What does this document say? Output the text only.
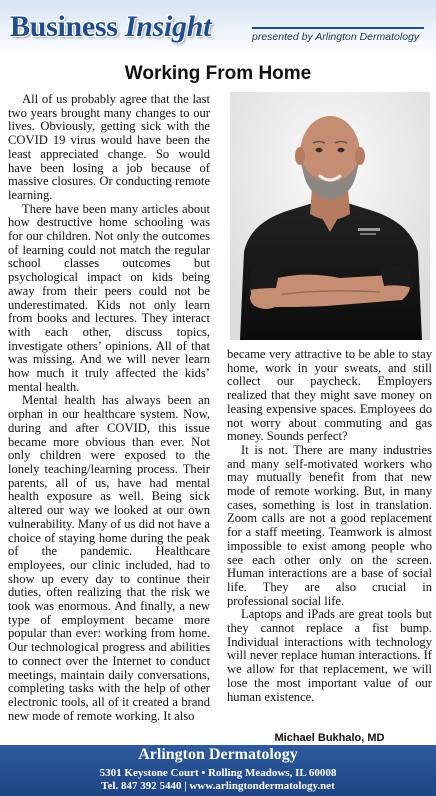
Business Insight	presented by Arlington Dermatology
Working From Home

All of us probably agree that the last two years brought many changes to our lives. Obviously, getting sick with the COVID 19 virus would have been the least appreciated change. So would have been losing a job because of massive closures. Or conducting remote learning.

There have been many articles about how destructive home schooling was for our children. Not only the outcomes of learning could not match the regular school classes outcomes but psychological impact on kids being away from their peers could not be underestimated. Kids not only learn from books and lectures. They interact with each other, discuss topics, investigate others’ opinions. All of that was missing. And we will never learn how much it truly affected the kids’ mental health.

Mental health has always been an orphan in our healthcare system. Now, during and after COVID, this issue became more obvious than ever. Not only children were exposed to the lonely teaching/learning process. Their parents, all of us, have had mental health exposure as well. Being sick altered our way we looked at our own vulnerability. Many of us did not have a choice of staying home during the peak of the pandemic. Healthcare employees, our clinic included, had to show up every day to continue their duties, often realizing that the risk we took was enormous. And finally, a new type of employment became more popular than ever: working from home. Our technological progress and abilities to connect over the Internet to conduct meetings, maintain daily conversations, completing tasks with the help of other electronic tools, all of it created a brand new mode of remote working. It also

became very attractive to be able to stay home, work in your sweats, and still collect our paycheck. Employers realized that they might save money on leasing expensive spaces. Employees do not worry about commuting and gas money. Sounds perfect?

It is not. There are many industries and many self-motivated workers who may mutually benefit from that new mode of remote working. But, in many cases, something is lost in translation. Zoom calls are not a good replacement for a staff meeting. Teamwork is almost impossible to exist among people who see each other only on the screen. Human interactions are a base of social life. They are also crucial in professional social life.

Laptops and iPads are great tools but they cannot replace a fist bump. Individual interactions with technology will never replace human interactions. If we allow for that replacement, we will lose the most important value of our human existence.

Michael Bukhalo, MD
Arlington Dermatology
5301 Keystone Court • Rolling Meadows, IL 60008
Tel. 847 392 5440 | www.arlingtondermatology.net
